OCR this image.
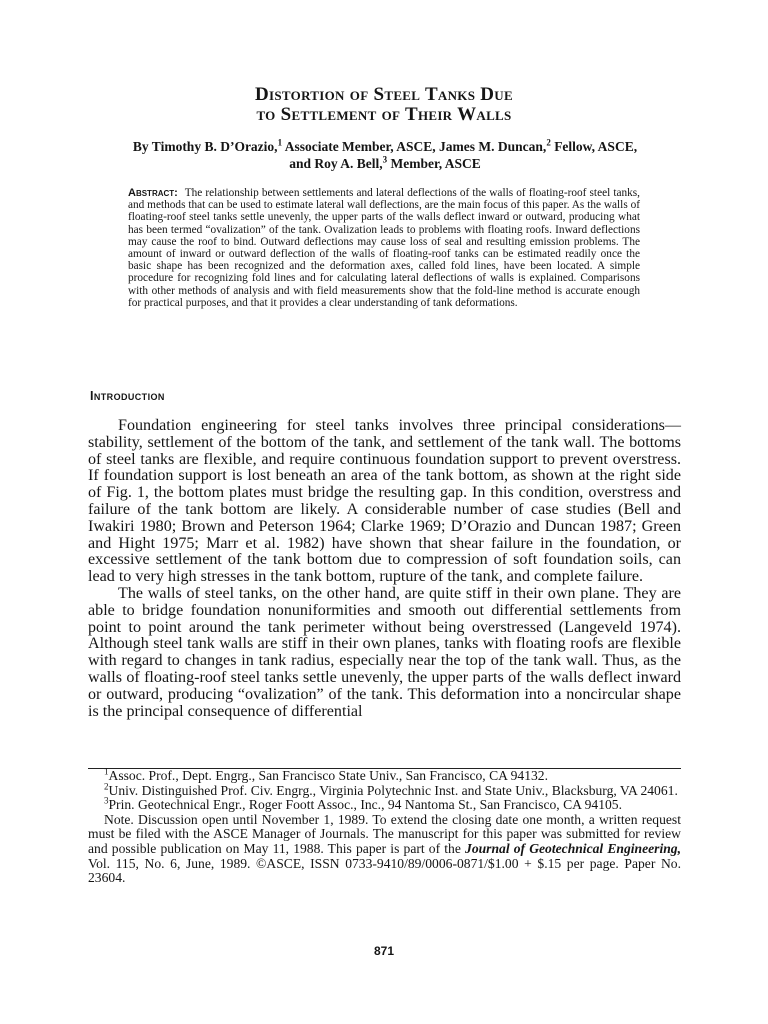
Distortion of Steel Tanks Due
to Settlement of Their Walls
By Timothy B. D’Orazio,$^1$ Associate Member, ASCE, James M. Duncan,$^2$ Fellow, ASCE, and Roy A. Bell,$^3$ Member, ASCE

Abstract: The relationship between settlements and lateral deflections of the walls of floating-roof steel tanks, and methods that can be used to estimate lateral wall deflections, are the main focus of this paper. As the walls of floating-roof steel tanks settle unevenly, the upper parts of the walls deflect inward or outward, producing what has been termed “ovalization” of the tank. Ovalization leads to problems with floating roofs. Inward deflections may cause the roof to bind. Outward deflections may cause loss of seal and resulting emission problems. The amount of inward or outward deflection of the walls of floating-roof tanks can be estimated readily once the basic shape has been recognized and the deformation axes, called fold lines, have been located. A simple procedure for recognizing fold lines and for calculating lateral deflections of walls is explained. Comparisons with other methods of analysis and with field measurements show that the fold-line method is accurate enough for practical purposes, and that it provides a clear understanding of tank deformations.

Introduction

Foundation engineering for steel tanks involves three principal considerations—stability, settlement of the bottom of the tank, and settlement of the tank wall. The bottoms of steel tanks are flexible, and require continuous foundation support to prevent overstress. If foundation support is lost beneath an area of the tank bottom, as shown at the right side of Fig. 1, the bottom plates must bridge the resulting gap. In this condition, overstress and failure of the tank bottom are likely. A considerable number of case studies (Bell and Iwakiri 1980; Brown and Peterson 1964; Clarke 1969; D’Orazio and Duncan 1987; Green and Hight 1975; Marr et al. 1982) have shown that shear failure in the foundation, or excessive settlement of the tank bottom due to compression of soft foundation soils, can lead to very high stresses in the tank bottom, rupture of the tank, and complete failure.

The walls of steel tanks, on the other hand, are quite stiff in their own plane. They are able to bridge foundation nonuniformities and smooth out differential settlements from point to point around the tank perimeter without being overstressed (Langeveld 1974). Although steel tank walls are stiff in their own planes, tanks with floating roofs are flexible with regard to changes in tank radius, especially near the top of the tank wall. Thus, as the walls of floating-roof steel tanks settle unevenly, the upper parts of the walls deflect inward or outward, producing “ovalization” of the tank. This deformation into a noncircular shape is the principal consequence of differential

$^1$Assoc. Prof., Dept. Engrg., San Francisco State Univ., San Francisco, CA 94132.

$^2$Univ. Distinguished Prof. Civ. Engrg., Virginia Polytechnic Inst. and State Univ., Blacksburg, VA 24061.

$^3$Prin. Geotechnical Engr., Roger Foott Assoc., Inc., 94 Nantoma St., San Francisco, CA 94105.

Note. Discussion open until November 1, 1989. To extend the closing date one month, a written request must be filed with the ASCE Manager of Journals. The manuscript for this paper was submitted for review and possible publication on May 11, 1988. This paper is part of the Journal of Geotechnical Engineering, Vol. 115, No. 6, June, 1989. ©ASCE, ISSN 0733-9410/89/0006-0871/$1.00 + $.15 per page. Paper No. 23604.

871
